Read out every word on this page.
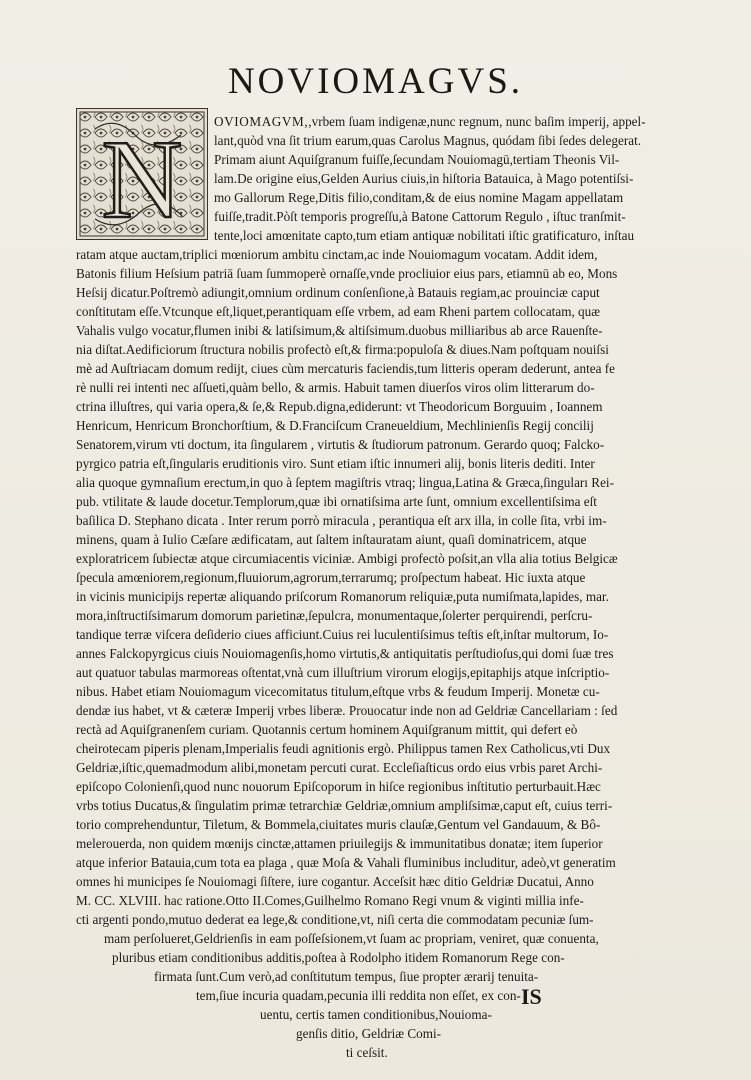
NOVIOMAGVS.
N OVIOMAGVM,,vrbem ſuam indigenæ,nunc regnum, nunc baſim imperij, appel-
lant,quòd vna ſit trium earum,quas Carolus Magnus, quódam ſibi ſedes delegerat.
Primam aiunt Aquiſgranum fuiſſe,ſecundam Nouiomagū,tertiam Theonis Vil-
lam.De origine eius,Gelden Aurius ciuis,in hiſtoria Batauica, à Mago potentiſsi-
mo Gallorum Rege,Ditis filio,conditam,& de eius nomine Magam appellatam
fuiſſe,tradit.Pòſt temporis progreſſu,à Batone Cattorum Regulo , iſtuc tranſmit-
tente,loci amœnitate capto,tum etiam antiquæ nobilitati iſtic gratificaturo, inſtau
ratam atque auctam,triplici mœniorum ambitu cinctam,ac inde Nouiomagum vocatam. Addit idem,
Batonis filium Heſsium patriā ſuam ſummoperè ornaſſe,vnde procliuior eius pars, etiamnū ab eo, Mons
Heſsij dicatur.Poſtremò adiungit,omnium ordinum conſenſione,à Batauis regiam,ac prouinciæ caput
conſtitutam eſſe.Vtcunque eſt,liquet,perantiquam eſſe vrbem, ad eam Rheni partem collocatam, quæ
Vahalis vulgo vocatur,flumen inibi & latiſsimum,& altiſsimum.duobus milliaribus ab arce Rauenſte-
nia diſtat.Aedificiorum ſtructura nobilis profectò eſt,& firma:populoſa & diues.Nam poſtquam nouiſsi
mè ad Auſtriacam domum redijt, ciues cùm mercaturis faciendis,tum litteris operam dederunt, antea fe
rè nulli rei intenti nec aſſueti,quàm bello, & armis. Habuit tamen diuerſos viros olim litterarum do-
ctrina illuſtres, qui varia opera,& ſe,& Repub.digna,ediderunt: vt Theodoricum Borguuim , Ioannem
Henricum, Henricum Bronchorſtium, & D.Franciſcum Craneueldium, Mechlinienſis Regij concilij
Senatorem,virum vti doctum, ita ſingularem , virtutis & ſtudiorum patronum. Gerardo quoq; Falcko-
pyrgico patria eſt,ſingularis eruditionis viro. Sunt etiam iſtic innumeri alij, bonis literis dediti. Inter
alia quoque gymnaſium erectum,in quo à ſeptem magiſtris vtraq; lingua,Latina & Græca,ſinguları Rei-
pub. vtilitate & laude docetur.Templorum,quæ ibi ornatiſsima arte ſunt, omnium excellentiſsima eſt
baſilica D. Stephano dicata . Inter rerum porrò miracula , perantiqua eſt arx illa, in colle ſita, vrbi im-
minens, quam à Iulio Cæſare ædificatam, aut ſaltem inſtauratam aiunt, quaſi dominatricem, atque
exploratricem ſubiectæ atque circumiacentis viciniæ. Ambigi profectò poſsit,an vlla alia totius Belgicæ
ſpecula amœniorem,regionum,fluuiorum,agrorum,terrarumq; proſpectum habeat. Hic iuxta atque
in vicinis municipijs repertæ aliquando priſcorum Romanorum reliquiæ,puta numiſmata,lapides, mar.
mora,inſtructiſsimarum domorum parietinæ,ſepulcra, monumentaque,ſolerter perquirendi, perſcru-
tandique terræ viſcera deſiderio ciues afficiunt.Cuius rei luculentiſsimus teſtis eſt,inſtar multorum, Io-
annes Falckopyrgicus ciuis Nouiomagenſis,homo virtutis,& antiquitatis perſtudioſus,qui domi ſuæ tres
aut quatuor tabulas marmoreas oſtentat,vnà cum illuſtrium virorum elogijs,epitaphijs atque inſcriptio-
nibus. Habet etiam Nouiomagum vicecomitatus titulum,eſtque vrbs & feudum Imperij. Monetæ cu-
dendæ ius habet, vt & cæteræ Imperij vrbes liberæ. Prouocatur inde non ad Geldriæ Cancellariam : ſed
rectà ad Aquiſgranenſem curiam. Quotannis certum hominem Aquiſgranum mittit, qui defert eò
cheirotecam piperis plenam,Imperialis feudi agnitionis ergò. Philippus tamen Rex Catholicus,vti Dux
Geldriæ,iſtic,quemadmodum alibi,monetam percuti curat. Eccleſiaſticus ordo eius vrbis paret Archi-
epiſcopo Colonienſi,quod nunc nouorum Epiſcoporum in hiſce regionibus inſtitutio perturbauit.Hæc
vrbs totius Ducatus,& ſingulatim primæ tetrarchiæ Geldriæ,omnium ampliſsimæ,caput eſt, cuius terri-
torio comprehenduntur, Tiletum, & Bommela,ciuitates muris clauſæ,Gentum vel Gandauum, & Bô-
melerouerda, non quidem mœnijs cinctæ,attamen priuilegijs & immunitatibus donatæ; item ſuperior
atque inferior Batauia,cum tota ea plaga , quæ Moſa & Vahali fluminibus includitur, adeò,vt generatim
omnes hi municipes ſe Nouiomagi ſiſtere, iure cogantur. Acceſsit hæc ditio Geldriæ Ducatui, Anno
M. CC. XLVIII. hac ratione.Otto II.Comes,Guilhelmo Romano Regi vnum & viginti millia infe-
cti argenti pondo,mutuo dederat ea lege,& conditione,vt, niſi certa die commodatam pecuniæ ſum-
mam perſolueret,Geldrienſis in eam poſſeſsionem,vt ſuam ac propriam, veniret, quæ conuenta,
pluribus etiam conditionibus additis,poſtea à Rodolpho itidem Romanorum Rege con-
firmata ſunt.Cum verò,ad conſtitutum tempus, ſiue propter ærarij tenuita-
tem,ſiue incuria quadam,pecunia illi reddita non eſſet, ex con-
uentu, certis tamen conditionibus,Nouioma-
genſis ditio, Geldriæ Comi-
ti ceſsit.
IS
